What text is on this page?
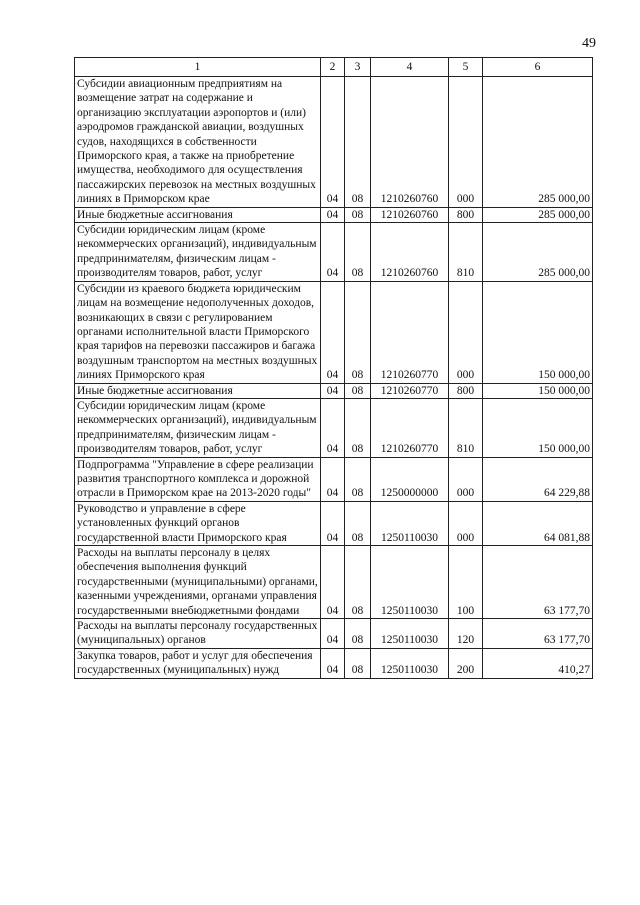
49
1	2	3	4	5	6
Субсидии авиационным предприятиям на возмещение затрат на содержание и организацию эксплуатации аэропортов и (или) аэродромов гражданской авиации, воздушных судов, находящихся в собственности Приморского края, а также на приобретение имущества, необходимого для осуществления пассажирских перевозок на местных воздушных линиях в Приморском крае	04	08	1210260760	000	285 000,00
Иные бюджетные ассигнования	04	08	1210260760	800	285 000,00
Субсидии юридическим лицам (кроме некоммерческих организаций), индивидуальным предпринимателям, физическим лицам - производителям товаров, работ, услуг	04	08	1210260760	810	285 000,00
Субсидии из краевого бюджета юридическим лицам на возмещение недополученных доходов, возникающих в связи с регулированием органами исполнительной власти Приморского края тарифов на перевозки пассажиров и багажа воздушным транспортом на местных воздушных линиях Приморского края	04	08	1210260770	000	150 000,00
Иные бюджетные ассигнования	04	08	1210260770	800	150 000,00
Субсидии юридическим лицам (кроме некоммерческих организаций), индивидуальным предпринимателям, физическим лицам - производителям товаров, работ, услуг	04	08	1210260770	810	150 000,00
Подпрограмма "Управление в сфере реализации развития транспортного комплекса и дорожной отрасли в Приморском крае на 2013-2020 годы"	04	08	1250000000	000	64 229,88
Руководство и управление в сфере установленных функций органов государственной власти Приморского края	04	08	1250110030	000	64 081,88
Расходы на выплаты персоналу в целях обеспечения выполнения функций государственными (муниципальными) органами, казенными учреждениями, органами управления государственными внебюджетными фондами	04	08	1250110030	100	63 177,70
Расходы на выплаты персоналу государственных (муниципальных) органов	04	08	1250110030	120	63 177,70
Закупка товаров, работ и услуг для обеспечения государственных (муниципальных) нужд	04	08	1250110030	200	410,27
